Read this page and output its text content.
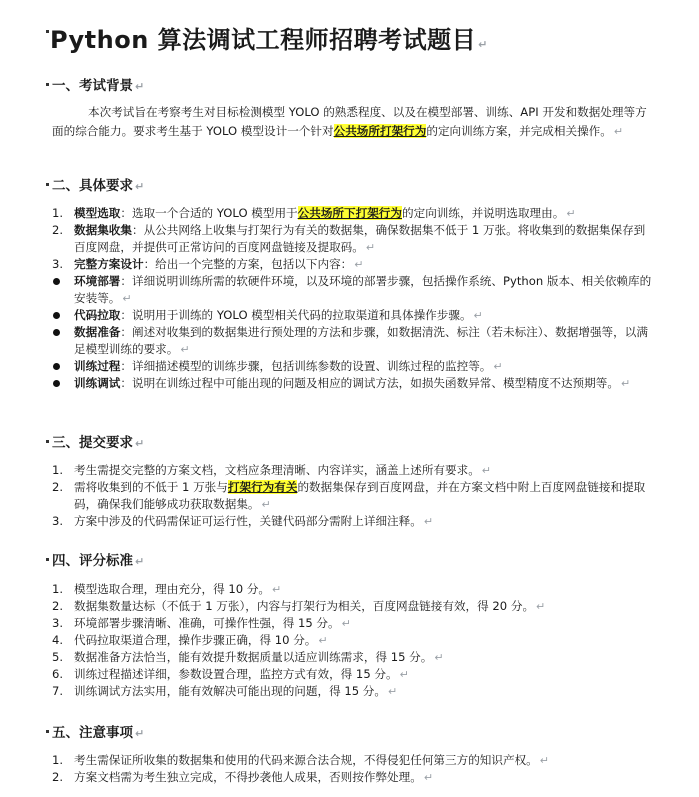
Python 算法调试工程师招聘考试题目 ↵
一、考试背景 ↵

本次考试旨在考察考生对目标检测模型 YOLO 的熟悉程度、以及在模型部署、训练、API 开发和数据处理等方面的综合能力。要求考生基于 YOLO 模型设计一个针对公共场所打架行为的定向训练方案，并完成相关操作。 ↵

二、具体要求 ↵
1. 模型选取：选取一个合适的 YOLO 模型用于公共场所下打架行为的定向训练，并说明选取理由。 ↵
2. 数据集收集：从公共网络上收集与打架行为有关的数据集，确保数据集不低于 1 万张。将收集到的数据集保存到百度网盘，并提供可正常访问的百度网盘链接及提取码。 ↵
3. 完整方案设计：给出一个完整的方案，包括以下内容： ↵
环境部署：详细说明训练所需的软硬件环境，以及环境的部署步骤，包括操作系统、Python 版本、相关依赖库的安装等。 ↵
代码拉取：说明用于训练的 YOLO 模型相关代码的拉取渠道和具体操作步骤。 ↵
数据准备：阐述对收集到的数据集进行预处理的方法和步骤，如数据清洗、标注（若未标注）、数据增强等，以满足模型训练的要求。 ↵
训练过程：详细描述模型的训练步骤，包括训练参数的设置、训练过程的监控等。 ↵
训练调试：说明在训练过程中可能出现的问题及相应的调试方法，如损失函数异常、模型精度不达预期等。 ↵
三、提交要求 ↵
1. 考生需提交完整的方案文档，文档应条理清晰、内容详实，涵盖上述所有要求。 ↵
2. 需将收集到的不低于 1 万张与打架行为有关的数据集保存到百度网盘，并在方案文档中附上百度网盘链接和提取码，确保我们能够成功获取数据集。 ↵
3. 方案中涉及的代码需保证可运行性，关键代码部分需附上详细注释。 ↵
四、评分标准 ↵
1. 模型选取合理，理由充分，得 10 分。 ↵
2. 数据集数量达标（不低于 1 万张），内容与打架行为相关，百度网盘链接有效，得 20 分。 ↵
3. 环境部署步骤清晰、准确，可操作性强，得 15 分。 ↵
4. 代码拉取渠道合理，操作步骤正确，得 10 分。 ↵
5. 数据准备方法恰当，能有效提升数据质量以适应训练需求，得 15 分。 ↵
6. 训练过程描述详细，参数设置合理，监控方式有效，得 15 分。 ↵
7. 训练调试方法实用，能有效解决可能出现的问题，得 15 分。 ↵
五、注意事项 ↵
1. 考生需保证所收集的数据集和使用的代码来源合法合规，不得侵犯任何第三方的知识产权。 ↵
2. 方案文档需为考生独立完成，不得抄袭他人成果，否则按作弊处理。 ↵
